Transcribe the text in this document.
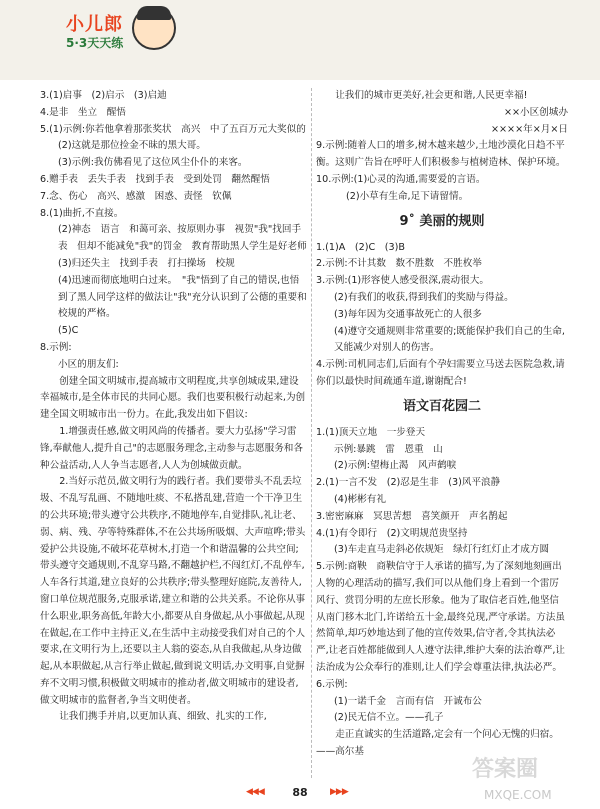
小儿郎
5·3天天练

3.(1)启事　(2)启示　(3)启迪

4.是非　坐立　醒悟

5.(1)示例:你若他拿着那张奖状　高兴　中了五百万元大奖似的

(2)这就是那位捡金不昧的黑大哥。

(3)示例:我仿佛看见了这位风尘仆仆的来客。

6.赠手表　丢失手表　找到手表　受到处罚　翻然醒悟

7.念、伤心　高兴、感激　困惑、责怪　钦佩

8.(1)曲折,不直接。

(2)神态　语言　和蔼可亲、按原则办事　视贺"我"找回手表　但却不能减免"我"的罚金　教育帮助黑人学生是好老师

(3)归还失主　找到手表　打扫操场　校规

(4)迅速而彻底地明白过来。　"我"悟到了自己的错误,也悟到了黑人同学这样的做法让"我"充分认识到了公德的重要和校规的严格。

(5)C

8.示例:

小区的朋友们:

创建全国文明城市,提高城市文明程度,共享创城成果,建设幸福城市,是全体市民的共同心愿。我们也要积极行动起来,为创建全国文明城市出一份力。在此,我发出如下倡议:

1.增强责任感,做文明风尚的传播者。要大力弘扬"学习雷锋,奉献他人,提升自己"的志愿服务理念,主动参与志愿服务和各种公益活动,人人争当志愿者,人人为创城做贡献。

2.当好示范员,做文明行为的践行者。我们要带头不乱丢垃圾、不乱写乱画、不随地吐痰、不私搭乱建,营造一个干净卫生的公共环境;带头遵守公共秩序,不随地停车,自觉排队,礼让老、弱、病、残、孕等特殊群体,不在公共场所吸烟、大声喧哗;带头爱护公共设施,不破坏花草树木,打造一个和谐温馨的公共空间;带头遵守交通规则,不乱穿马路,不翻越护栏,不闯红灯,不乱停车,人车各行其道,建立良好的公共秩序;带头整理好庭院,友善待人,窗口单位规范服务,克服承诺,建立和谐的公共关系。不论你从事什么职业,职务高低,年龄大小,都要从自身做起,从小事做起,从现在做起,在工作中主持正义,在生活中主动接受我们对自己的个人要求,在文明行为上,还要以主人翁的姿态,从自我做起,从身边做起,从本职做起,从言行举止做起,做到说文明话,办文明事,自觉摒弃不文明习惯,积极做文明城市的推动者,做文明城市的建设者,做文明城市的监督者,争当文明使者。

让我们携手并肩,以更加认真、细致、扎实的工作,

让我们的城市更美好,社会更和谐,人民更幸福!

××小区创城办

××××年×月×日

9.示例:随着人口的增多,树木越来越少,土地沙漠化日趋不平衡。这则广告旨在呼吁人们积极参与植树造林、保护环境。

10.示例:(1)心灵的沟通,需要爱的言语。

(2)小草有生命,足下请留情。

9˚ 美丽的规则

1.(1)A　(2)C　(3)B

2.示例:不计其数　数不胜数　不胜枚举

3.示例:(1)形容使人感受很深,震动很大。

(2)有我们的收获,得到我们的奖励与得益。

(3)每年因为交通事故死亡的人很多

(4)遵守交通规则非常重要的;既能保护我们自己的生命,又能减少对别人的伤害。

4.示例:司机同志们,后面有个孕妇需要立马送去医院急救,请你们以最快时间疏通车道,谢谢配合!

语文百花园二

1.(1)顶天立地　一步登天

示例:暴跳　雷　恩重　山

(2)示例:望梅止渴　风声鹤唳

2.(1)一言不发　(2)忍是生非　(3)风平浪静

(4)彬彬有礼

3.密密麻麻　冥思苦想　喜笑颜开　声名鹊起

4.(1)有令即行　(2)文明规范贵坚持

(3)车走直马走斜必依规矩　绿灯行红灯止才成方圆

5.示例:商鞅　商鞅信守于人承诺的描写,为了深刻地刻画出人物的心理活动的描写,我们可以从他们身上看到一个雷厉风行、赏罚分明的左庶长形象。他为了取信老百姓,他坚信从南门移木北门,许诺给五十金,最终兑现,严守承诺。方法虽然简单,却巧妙地达到了他的宣传效果,信守者,令其执法必严,让老百姓都能做到人人遵守法律,维护大秦的法治尊严,让法治成为公众奉行的准则,让人们学会尊重法律,执法必严。

6.示例:

(1)一诺千金　言而有信　开诚布公

(2)民无信不立。——孔子

走正直诚实的生活道路,定会有一个问心无愧的归宿。——高尔基

◀◀◀	88	▶▶▶
答案圈
MXQE.COM
